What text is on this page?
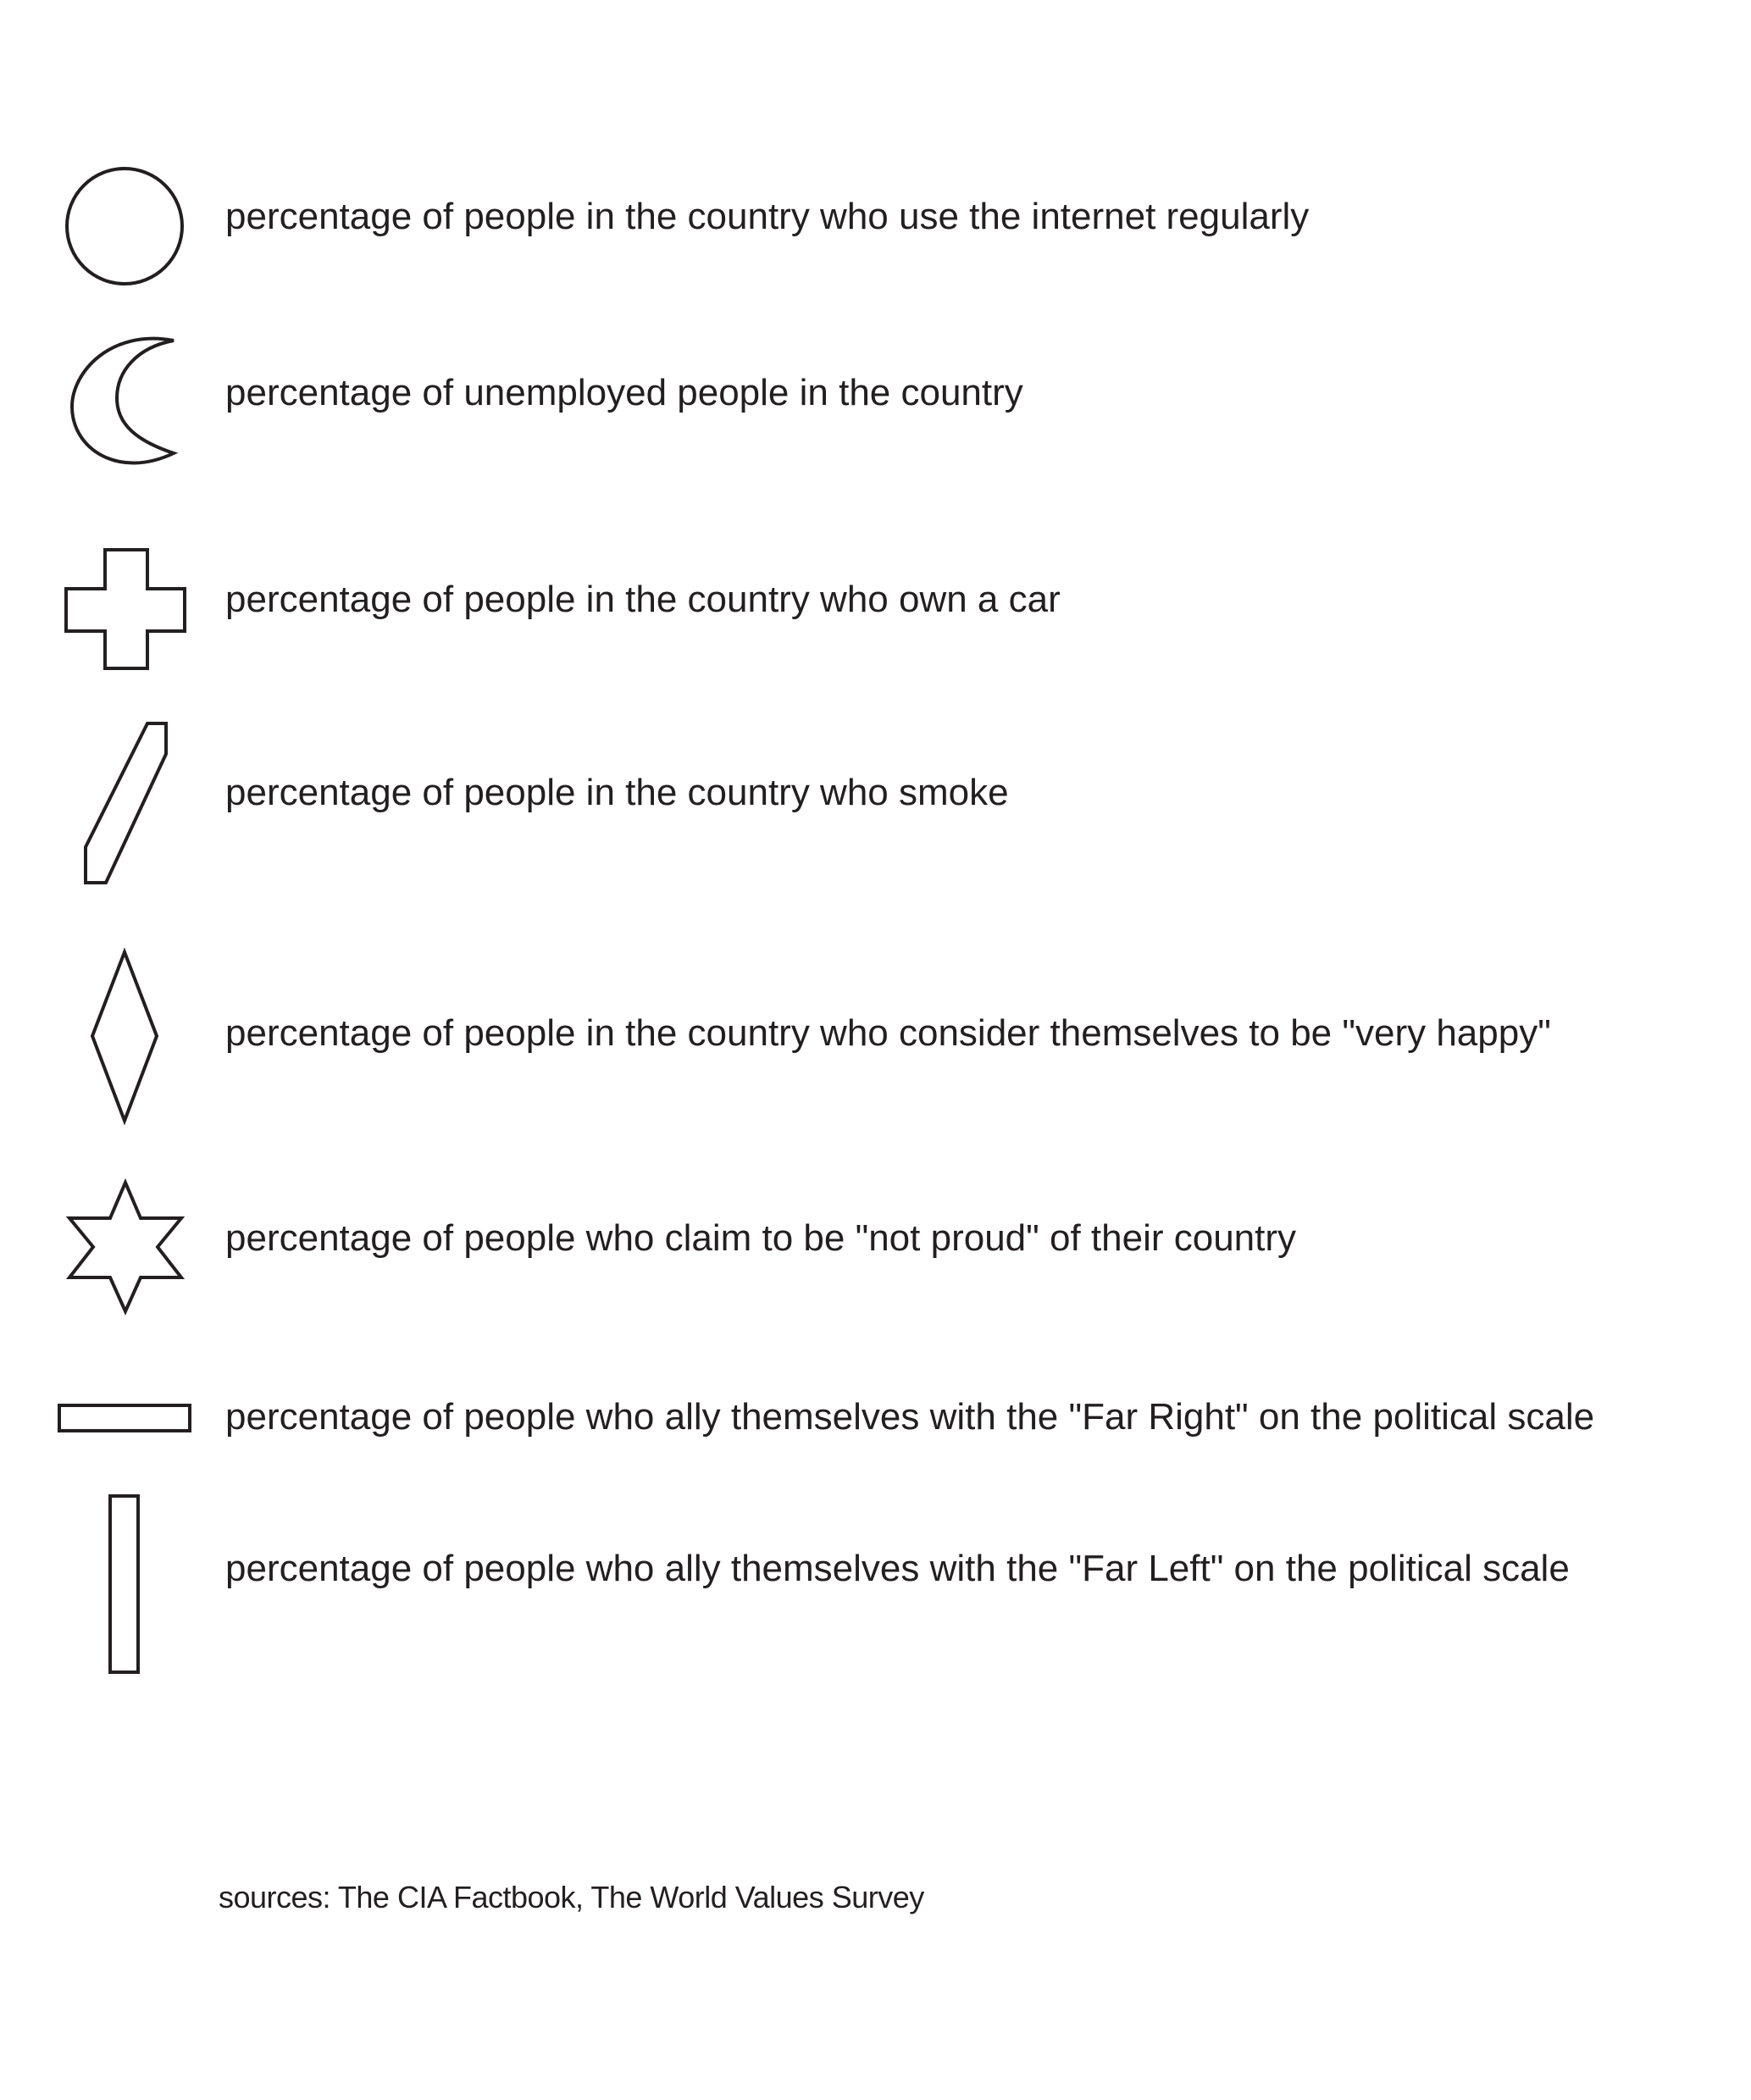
percentage of people in the country who use the internet regularly
percentage of unemployed people in the country
percentage of people in the country who own a car
percentage of people in the country who smoke
percentage of people in the country who consider themselves to be "very happy"
percentage of people who claim to be "not proud" of their country
percentage of people who ally themselves with the "Far Right" on the political scale
percentage of people who ally themselves with the "Far Left" on the political scale
sources: The CIA Factbook, The World Values Survey
